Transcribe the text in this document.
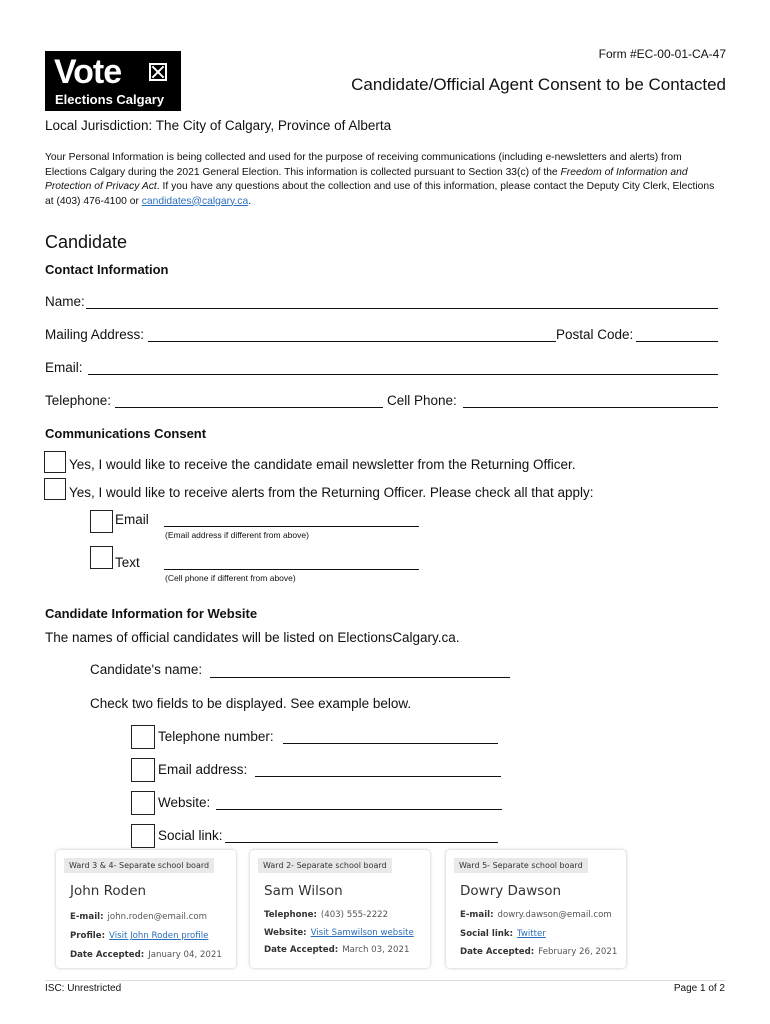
Vote
Elections Calgary
Form #EC-00-01-CA-47
Candidate/Official Agent Consent to be Contacted
Local Jurisdiction: The City of Calgary, Province of Alberta
Your Personal Information is being collected and used for the purpose of receiving communications (including e-newsletters and alerts) from Elections Calgary during the 2021 General Election. This information is collected pursuant to Section 33(c) of the Freedom of Information and Protection of Privacy Act. If you have any questions about the collection and use of this information, please contact the Deputy City Clerk, Elections at (403) 476-4100 or candidates@calgary.ca.
Candidate
Contact Information
Name:
Mailing Address:	Postal Code:
Email:
Telephone:	Cell Phone:
Communications Consent
Yes, I would like to receive the candidate email newsletter from the Returning Officer.
Yes, I would like to receive alerts from the Returning Officer. Please check all that apply:
Email
(Email address if different from above)
Text
(Cell phone if different from above)
Candidate Information for Website
The names of official candidates will be listed on ElectionsCalgary.ca.
Candidate's name:
Check two fields to be displayed. See example below.
Telephone number:
Email address:
Website:
Social link:
Ward 3 & 4- Separate school board
John Roden
E-mail: john.roden@email.com
Profile: Visit John Roden profile
Date Accepted: January 04, 2021
Ward 2- Separate school board
Sam Wilson
Telephone: (403) 555-2222
Website: Visit Samwilson website
Date Accepted: March 03, 2021
Ward 5- Separate school board
Dowry Dawson
E-mail: dowry.dawson@email.com
Social link: Twitter
Date Accepted: February 26, 2021
ISC: Unrestricted	Page 1 of 2
